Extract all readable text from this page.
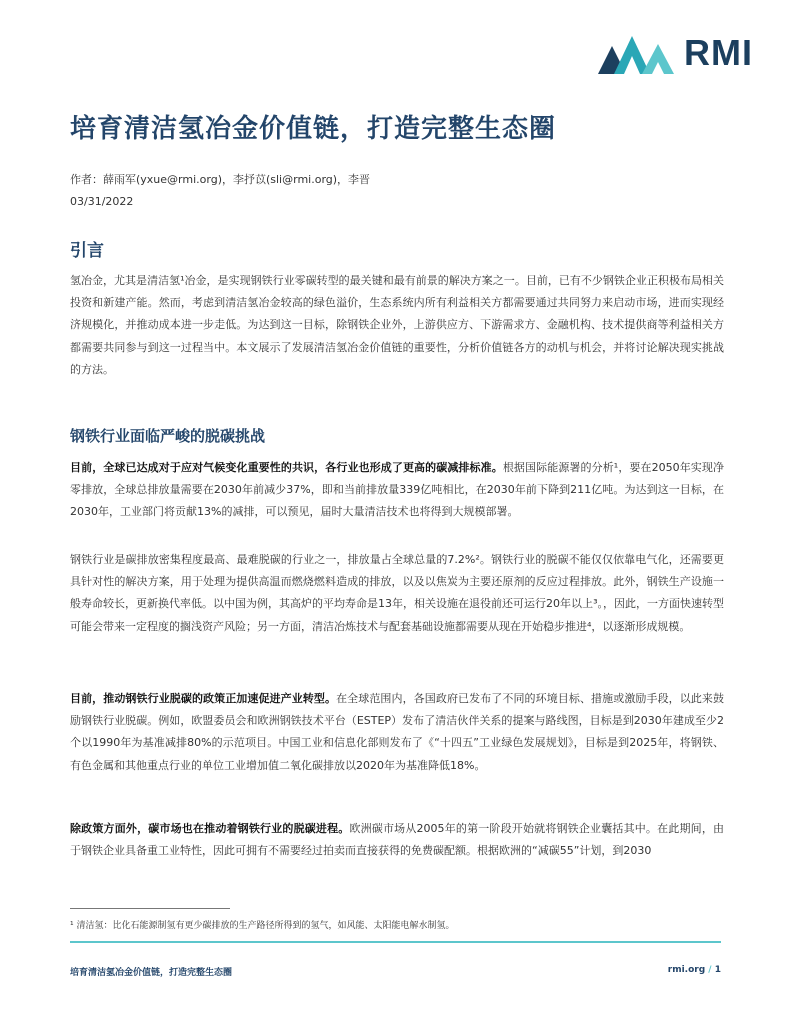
RMI
培育清洁氢冶金价值链，打造完整生态圈
作者：薛雨军(yxue@rmi.org)，李抒苡(sli@rmi.org)，李晋
03/31/2022
引言
氢冶金，尤其是清洁氢¹冶金，是实现钢铁行业零碳转型的最关键和最有前景的解决方案之一。目前，已有不少钢铁企业正积极布局相关投资和新建产能。然而，考虑到清洁氢冶金较高的绿色溢价，生态系统内所有利益相关方都需要通过共同努力来启动市场，进而实现经济规模化，并推动成本进一步走低。为达到这一目标，除钢铁企业外，上游供应方、下游需求方、金融机构、技术提供商等利益相关方都需要共同参与到这一过程当中。本文展示了发展清洁氢冶金价值链的重要性，分析价值链各方的动机与机会，并将讨论解决现实挑战的方法。
钢铁行业面临严峻的脱碳挑战
目前，全球已达成对于应对气候变化重要性的共识，各行业也形成了更高的碳减排标准。根据国际能源署的分析¹，要在2050年实现净零排放，全球总排放量需要在2030年前减少37%，即和当前排放量339亿吨相比，在2030年前下降到211亿吨。为达到这一目标，在2030年，工业部门将贡献13%的减排，可以预见，届时大量清洁技术也将得到大规模部署。
钢铁行业是碳排放密集程度最高、最难脱碳的行业之一，排放量占全球总量的7.2%²。钢铁行业的脱碳不能仅仅依靠电气化，还需要更具针对性的解决方案，用于处理为提供高温而燃烧燃料造成的排放，以及以焦炭为主要还原剂的反应过程排放。此外，钢铁生产设施一般寿命较长，更新换代率低。以中国为例，其高炉的平均寿命是13年，相关设施在退役前还可运行20年以上³。，因此，一方面快速转型可能会带来一定程度的搁浅资产风险；另一方面，清洁冶炼技术与配套基础设施都需要从现在开始稳步推进⁴，以逐渐形成规模。
目前，推动钢铁行业脱碳的政策正加速促进产业转型。在全球范围内，各国政府已发布了不同的环境目标、措施或激励手段，以此来鼓励钢铁行业脱碳。例如，欧盟委员会和欧洲钢铁技术平台（ESTEP）发布了清洁伙伴关系的提案与路线图，目标是到2030年建成至少2个以1990年为基准减排80%的示范项目。中国工业和信息化部则发布了《“十四五”工业绿色发展规划》，目标是到2025年，将钢铁、有色金属和其他重点行业的单位工业增加值二氧化碳排放以2020年为基准降低18%。
除政策方面外，碳市场也在推动着钢铁行业的脱碳进程。欧洲碳市场从2005年的第一阶段开始就将钢铁企业囊括其中。在此期间，由于钢铁企业具备重工业特性，因此可拥有不需要经过拍卖而直接获得的免费碳配额。根据欧洲的“减碳55”计划，到2030
¹ 清洁氢：比化石能源制氢有更少碳排放的生产路径所得到的氢气，如风能、太阳能电解水制氢。
培育清洁氢冶金价值链，打造完整生态圈	rmi.org / 1
